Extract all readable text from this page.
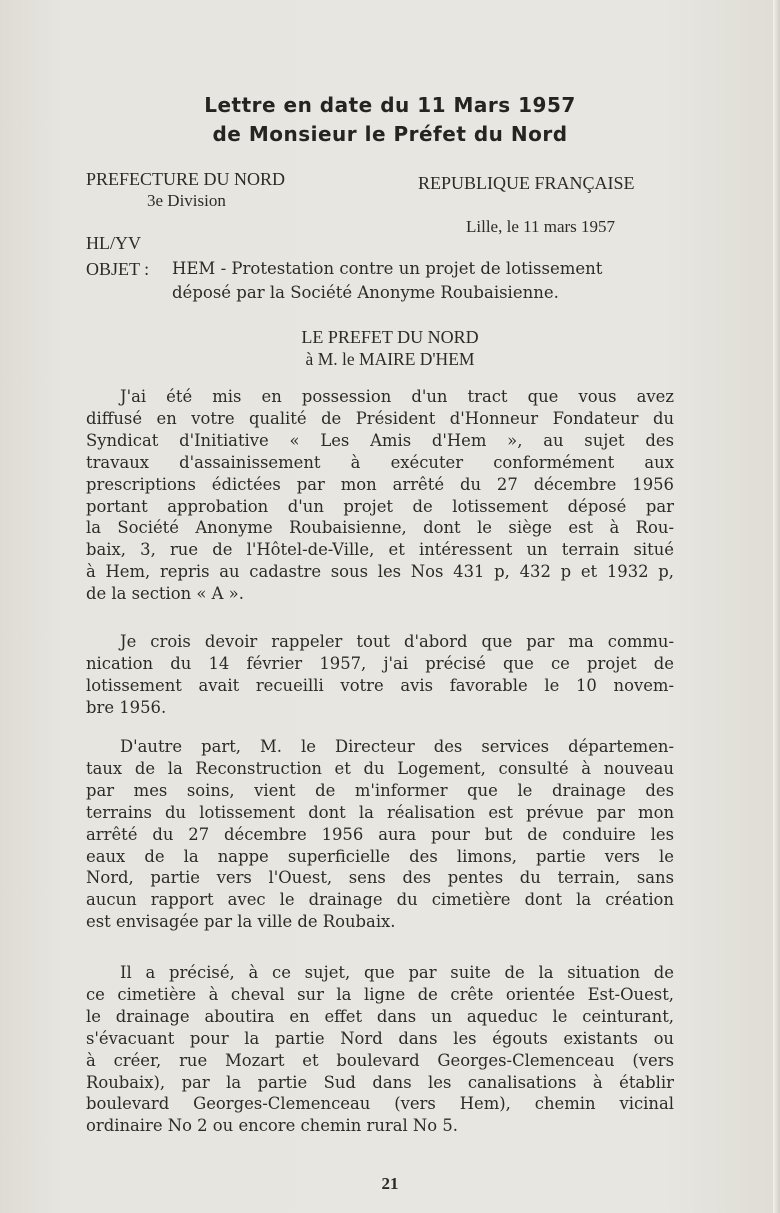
Lettre en date du 11 Mars 1957
de Monsieur le Préfet du Nord
PREFECTURE DU NORD
3e Division
REPUBLIQUE FRANÇAISE
Lille, le 11 mars 1957
HL/YV
OBJET : HEM - Protestation contre un projet de lotissement
déposé par la Société Anonyme Roubaisienne.
LE PREFET DU NORD
à M. le MAIRE D'HEM
J'ai été mis en possession d'un tract que vous avez
diffusé en votre qualité de Président d'Honneur Fondateur du
Syndicat d'Initiative « Les Amis d'Hem », au sujet des
travaux d'assainissement à exécuter conformément aux
prescriptions édictées par mon arrêté du 27 décembre 1956
portant approbation d'un projet de lotissement déposé par
la Société Anonyme Roubaisienne, dont le siège est à Rou-
baix, 3, rue de l'Hôtel-de-Ville, et intéressent un terrain situé
à Hem, repris au cadastre sous les Nos 431 p, 432 p et 1932 p,
de la section « A ».
Je crois devoir rappeler tout d'abord que par ma commu-
nication du 14 février 1957, j'ai précisé que ce projet de
lotissement avait recueilli votre avis favorable le 10 novem-
bre 1956.
D'autre part, M. le Directeur des services départemen-
taux de la Reconstruction et du Logement, consulté à nouveau
par mes soins, vient de m'informer que le drainage des
terrains du lotissement dont la réalisation est prévue par mon
arrêté du 27 décembre 1956 aura pour but de conduire les
eaux de la nappe superficielle des limons, partie vers le
Nord, partie vers l'Ouest, sens des pentes du terrain, sans
aucun rapport avec le drainage du cimetière dont la création
est envisagée par la ville de Roubaix.
Il a précisé, à ce sujet, que par suite de la situation de
ce cimetière à cheval sur la ligne de crête orientée Est-Ouest,
le drainage aboutira en effet dans un aqueduc le ceinturant,
s'évacuant pour la partie Nord dans les égouts existants ou
à créer, rue Mozart et boulevard Georges-Clemenceau (vers
Roubaix), par la partie Sud dans les canalisations à établir
boulevard Georges-Clemenceau (vers Hem), chemin vicinal
ordinaire No 2 ou encore chemin rural No 5.
21
